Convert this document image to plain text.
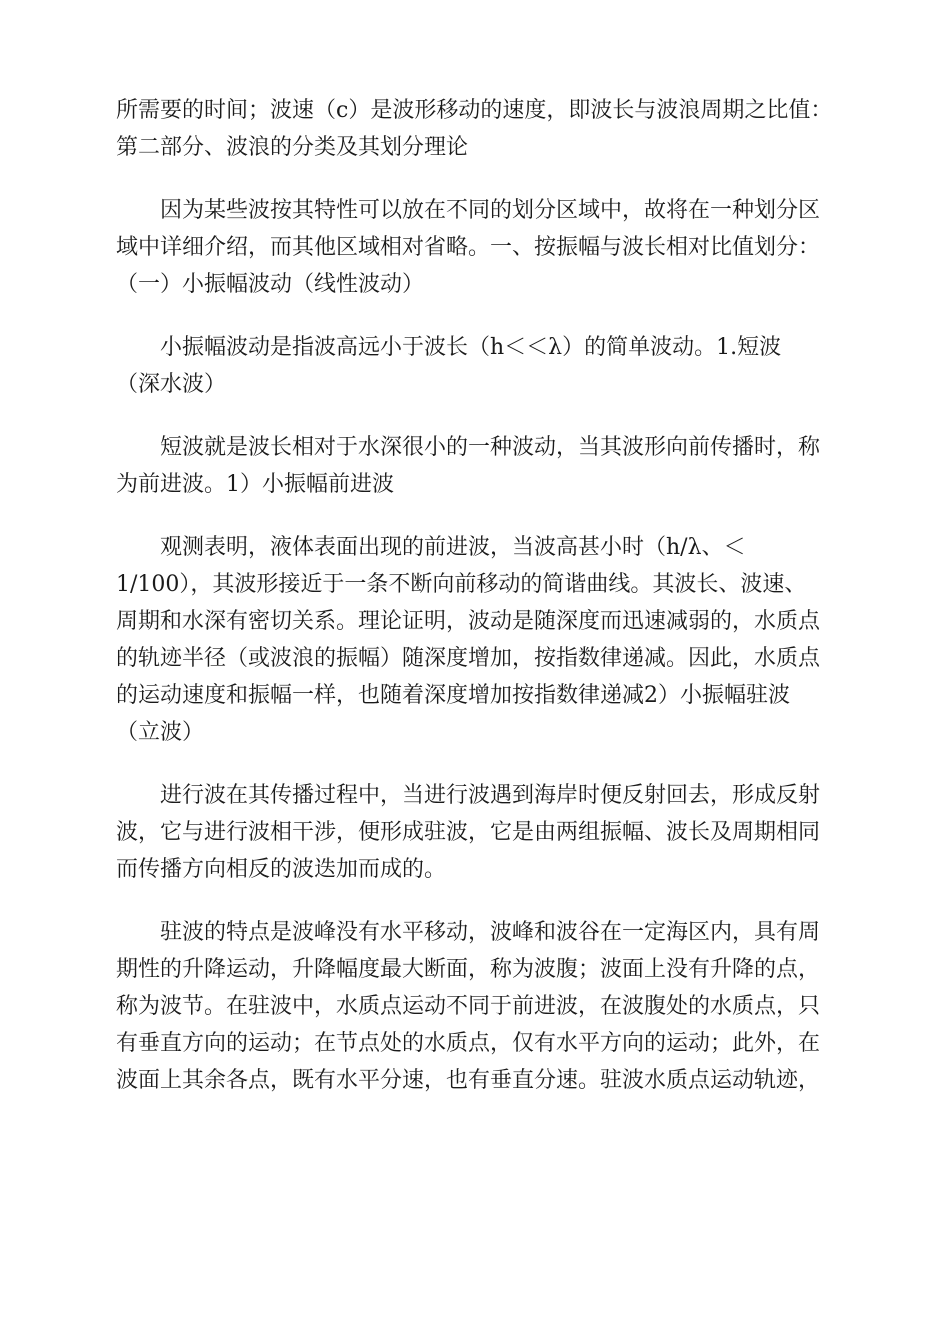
所需要的时间；波速（c）是波形移动的速度，即波长与波浪周期之比值：
第二部分、波浪的分类及其划分理论

因为某些波按其特性可以放在不同的划分区域中，故将在一种划分区
域中详细介绍，而其他区域相对省略。一、按振幅与波长相对比值划分：
（一）小振幅波动（线性波动）

小振幅波动是指波高远小于波长（h＜＜λ）的简单波动。1.短波
（深水波）

短波就是波长相对于水深很小的一种波动，当其波形向前传播时，称
为前进波。1）小振幅前进波

观测表明，液体表面出现的前进波，当波高甚小时（h/λ、＜
1/100），其波形接近于一条不断向前移动的简谐曲线。其波长、波速、
周期和水深有密切关系。理论证明，波动是随深度而迅速减弱的，水质点
的轨迹半径（或波浪的振幅）随深度增加，按指数律递减。因此，水质点
的运动速度和振幅一样，也随着深度增加按指数律递减2）小振幅驻波
（立波）

进行波在其传播过程中，当进行波遇到海岸时便反射回去，形成反射
波，它与进行波相干涉，便形成驻波，它是由两组振幅、波长及周期相同
而传播方向相反的波迭加而成的。

驻波的特点是波峰没有水平移动，波峰和波谷在一定海区内，具有周
期性的升降运动，升降幅度最大断面，称为波腹；波面上没有升降的点，
称为波节。在驻波中，水质点运动不同于前进波，在波腹处的水质点，只
有垂直方向的运动；在节点处的水质点，仅有水平方向的运动；此外，在
波面上其余各点，既有水平分速，也有垂直分速。驻波水质点运动轨迹，
